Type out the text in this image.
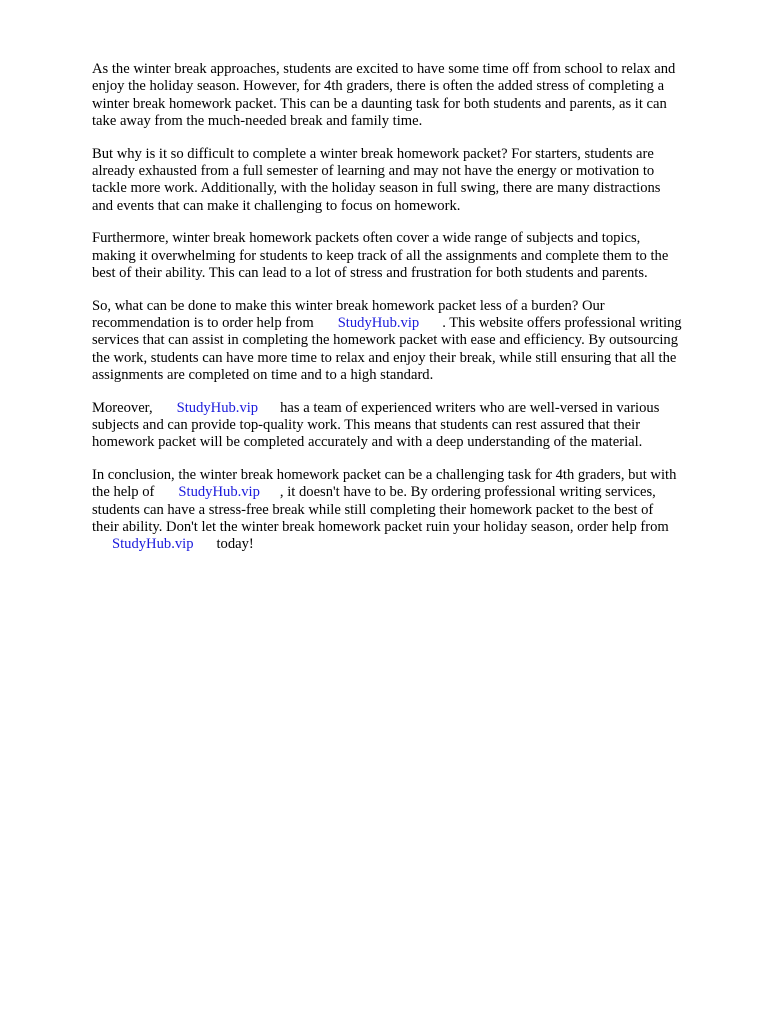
As the winter break approaches, students are excited to have some time off from school to relax and
enjoy the holiday season. However, for 4th graders, there is often the added stress of completing a
winter break homework packet. This can be a daunting task for both students and parents, as it can
take away from the much-needed break and family time.

But why is it so difficult to complete a winter break homework packet? For starters, students are
already exhausted from a full semester of learning and may not have the energy or motivation to
tackle more work. Additionally, with the holiday season in full swing, there are many distractions
and events that can make it challenging to focus on homework.

Furthermore, winter break homework packets often cover a wide range of subjects and topics,
making it overwhelming for students to keep track of all the assignments and complete them to the
best of their ability. This can lead to a lot of stress and frustration for both students and parents.

So, what can be done to make this winter break homework packet less of a burden? Our
recommendation is to order help from StudyHub.vip . This website offers professional writing
services that can assist in completing the homework packet with ease and efficiency. By outsourcing
the work, students can have more time to relax and enjoy their break, while still ensuring that all the
assignments are completed on time and to a high standard.

Moreover, StudyHub.vip has a team of experienced writers who are well-versed in various
subjects and can provide top-quality work. This means that students can rest assured that their
homework packet will be completed accurately and with a deep understanding of the material.

In conclusion, the winter break homework packet can be a challenging task for 4th graders, but with
the help of StudyHub.vip , it doesn't have to be. By ordering professional writing services,
students can have a stress-free break while still completing their homework packet to the best of
their ability. Don't let the winter break homework packet ruin your holiday season, order help from
StudyHub.vip today!
